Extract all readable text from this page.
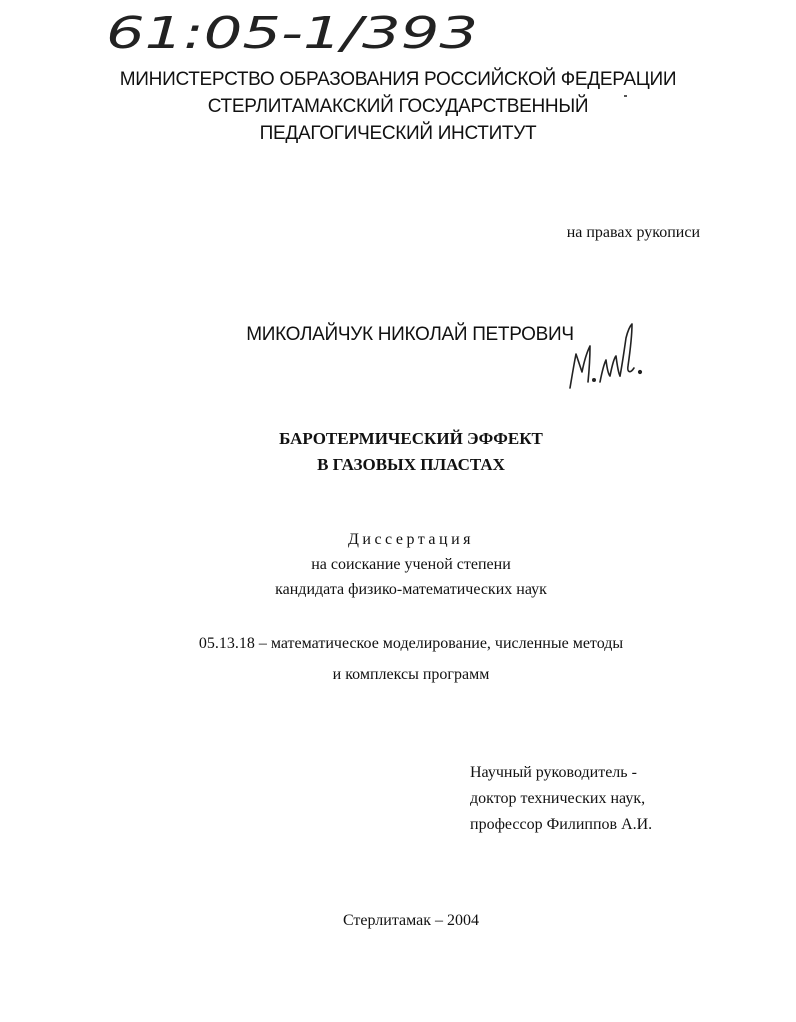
61:05-1/393
МИНИСТЕРСТВО ОБРАЗОВАНИЯ РОССИЙСКОЙ ФЕДЕРАЦИИ
СТЕРЛИТАМАКСКИЙ ГОСУДАРСТВЕННЫЙ
ПЕДАГОГИЧЕСКИЙ ИНСТИТУТ
на правах рукописи
МИКОЛАЙЧУК НИКОЛАЙ ПЕТРОВИЧ
БАРОТЕРМИЧЕСКИЙ ЭФФЕКТ
В ГАЗОВЫХ ПЛАСТАХ
Диссертация
на соискание ученой степени
кандидата физико-математических наук
05.13.18 – математическое моделирование, численные методы
и комплексы программ
Научный руководитель -
доктор технических наук,
профессор Филиппов А.И.
Стерлитамак – 2004
